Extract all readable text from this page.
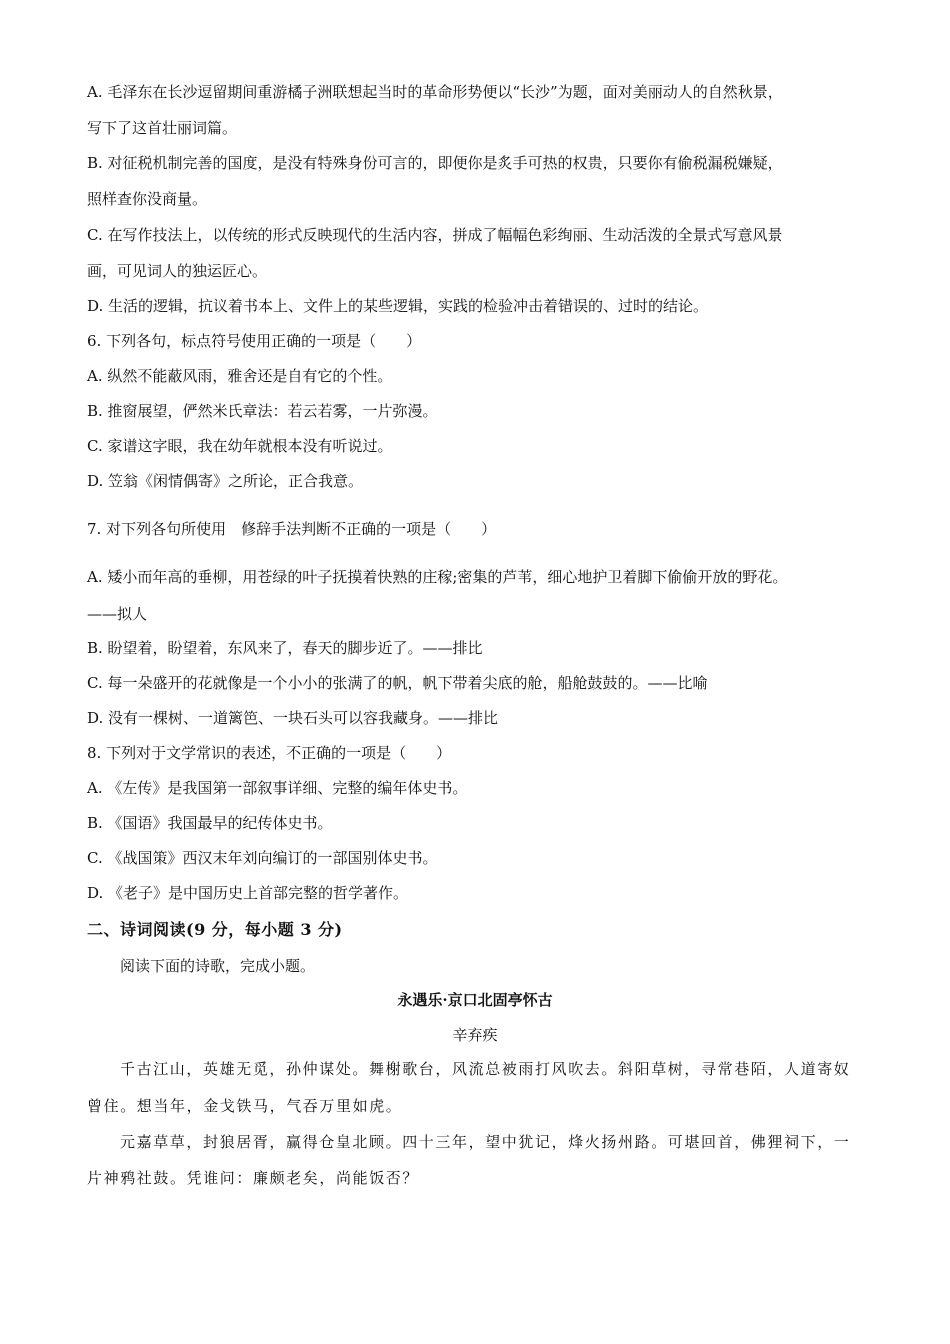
A. 毛泽东在长沙逗留期间重游橘子洲联想起当时的革命形势便以“长沙”为题，面对美丽动人的自然秋景，
写下了这首壮丽词篇。
B. 对征税机制完善的国度，是没有特殊身份可言的，即便你是炙手可热的权贵，只要你有偷税漏税嫌疑，
照样查你没商量。
C. 在写作技法上，以传统的形式反映现代的生活内容，拼成了幅幅色彩绚丽、生动活泼的全景式写意风景
画，可见词人的独运匠心。
D. 生活的逻辑，抗议着书本上、文件上的某些逻辑，实践的检验冲击着错误的、过时的结论。
6. 下列各句，标点符号使用正确的一项是（　　）
A. 纵然不能蔽风雨，雅舍还是自有它的个性。
B. 推窗展望，俨然米氏章法：若云若雾，一片弥漫。
C. 家谱这字眼，我在幼年就根本没有听说过。
D. 笠翁《闲情偶寄》之所论，正合我意。
7. 对下列各句所使用　修辞手法判断不正确的一项是（　　）
A. 矮小而年高的垂柳，用苍绿的叶子抚摸着快熟的庄稼;密集的芦苇，细心地护卫着脚下偷偷开放的野花。
——拟人
B. 盼望着，盼望着，东风来了，春天的脚步近了。——排比
C. 每一朵盛开的花就像是一个小小的张满了的帆，帆下带着尖底的舱，船舱鼓鼓的。——比喻
D. 没有一棵树、一道篱笆、一块石头可以容我藏身。——排比
8. 下列对于文学常识的表述，不正确的一项是（　　）
A. 《左传》是我国第一部叙事详细、完整的编年体史书。
B. 《国语》我国最早的纪传体史书。
C. 《战国策》西汉末年刘向编订的一部国别体史书。
D. 《老子》是中国历史上首部完整的哲学著作。
二、诗词阅读(9 分，每小题 3 分)
阅读下面的诗歌，完成小题。
永遇乐·京口北固亭怀古
辛弃疾
千古江山，英雄无觅，孙仲谋处。舞榭歌台，风流总被雨打风吹去。斜阳草树，寻常巷陌，人道寄奴
曾住。想当年，金戈铁马，气吞万里如虎。
元嘉草草，封狼居胥，赢得仓皇北顾。四十三年，望中犹记，烽火扬州路。可堪回首，佛狸祠下，一
片神鸦社鼓。凭谁问：廉颇老矣，尚能饭否？
